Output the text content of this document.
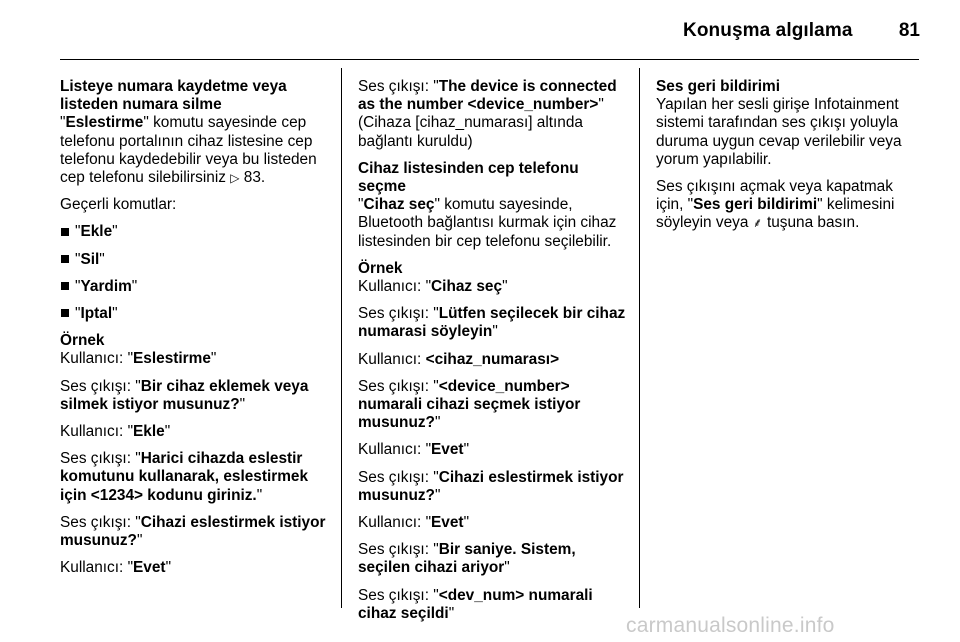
Konuşma algılama 81

Listeye numara kaydetme veya
listeden numara silme

"Eslestirme" komutu sayesinde cep telefonu portalının cihaz listesine cep telefonu kaydedebilir veya bu listeden cep telefonu silebilirsiniz ▷ 83.

Geçerli komutlar:

"Ekle"
"Sil"
"Yardim"
"Iptal"

Örnek

Kullanıcı: "Eslestirme"

Ses çıkışı: "Bir cihaz eklemek veya silmek istiyor musunuz?"

Kullanıcı: "Ekle"

Ses çıkışı: "Harici cihazda eslestir komutunu kullanarak, eslestirmek için <1234> kodunu giriniz."

Ses çıkışı: "Cihazi eslestirmek istiyor musunuz?"

Kullanıcı: "Evet"

Ses çıkışı: "The device is connected as the number <device_number>" (Cihaza [cihaz_numarası] altında bağlantı kuruldu)

Cihaz listesinden cep telefonu seçme

"Cihaz seç" komutu sayesinde, Bluetooth bağlantısı kurmak için cihaz listesinden bir cep telefonu seçilebilir.

Örnek

Kullanıcı: "Cihaz seç"

Ses çıkışı: "Lütfen seçilecek bir cihaz numarasi söyleyin"

Kullanıcı: <cihaz_numarası>

Ses çıkışı: "<device_number> numarali cihazi seçmek istiyor musunuz?"

Kullanıcı: "Evet"

Ses çıkışı: "Cihazi eslestirmek istiyor musunuz?"

Kullanıcı: "Evet"

Ses çıkışı: "Bir saniye. Sistem, seçilen cihazi ariyor"

Ses çıkışı: "<dev_num> numarali cihaz seçildi"

Ses geri bildirimi

Yapılan her sesli girişe Infotainment sistemi tarafından ses çıkışı yoluyla duruma uygun cevap verilebilir veya yorum yapılabilir.

Ses çıkışını açmak veya kapatmak için, "Ses geri bildirimi" kelimesini söyleyin veya ⸙ tuşuna basın.

carmanualsonline.info
